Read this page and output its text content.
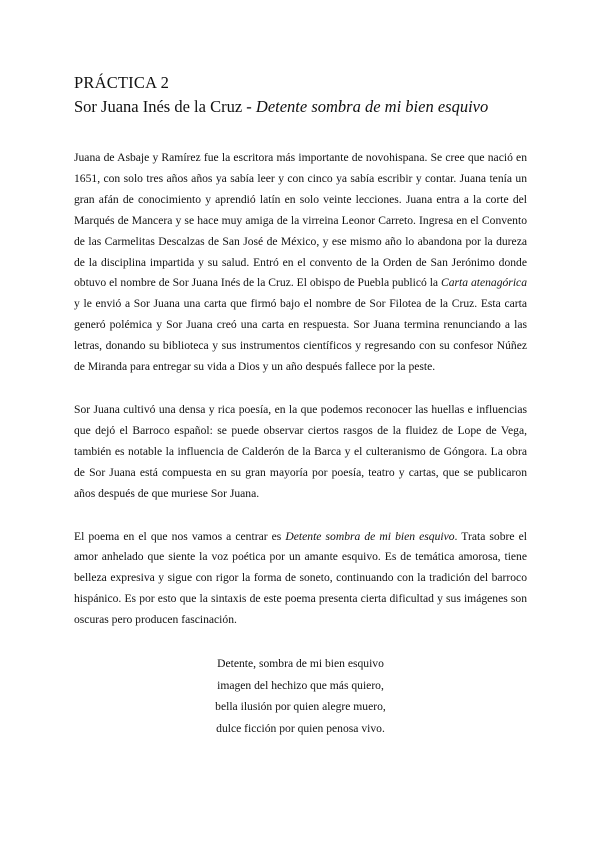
PRÁCTICA 2
Sor Juana Inés de la Cruz - Detente sombra de mi bien esquivo

Juana de Asbaje y Ramírez fue la escritora más importante de novohispana. Se cree que nació en 1651, con solo tres años años ya sabía leer y con cinco ya sabía escribir y contar. Juana tenía un gran afán de conocimiento y aprendió latín en solo veinte lecciones. Juana entra a la corte del Marqués de Mancera y se hace muy amiga de la virreina Leonor Carreto. Ingresa en el Convento de las Carmelitas Descalzas de San José de México, y ese mismo año lo abandona por la dureza de la disciplina impartida y su salud. Entró en el convento de la Orden de San Jerónimo donde obtuvo el nombre de Sor Juana Inés de la Cruz. El obispo de Puebla publicó la Carta atenagórica y le envió a Sor Juana una carta que firmó bajo el nombre de Sor Filotea de la Cruz. Esta carta generó polémica y Sor Juana creó una carta en respuesta. Sor Juana termina renunciando a las letras, donando su biblioteca y sus instrumentos científicos y regresando con su confesor Núñez de Miranda para entregar su vida a Dios y un año después fallece por la peste.

Sor Juana cultivó una densa y rica poesía, en la que podemos reconocer las huellas e influencias que dejó el Barroco español: se puede observar ciertos rasgos de la fluidez de Lope de Vega, también es notable la influencia de Calderón de la Barca y el culteranismo de Góngora. La obra de Sor Juana está compuesta en su gran mayoría por poesía, teatro y cartas, que se publicaron años después de que muriese Sor Juana.

El poema en el que nos vamos a centrar es Detente sombra de mi bien esquivo. Trata sobre el amor anhelado que siente la voz poética por un amante esquivo. Es de temática amorosa, tiene belleza expresiva y sigue con rigor la forma de soneto, continuando con la tradición del barroco hispánico. Es por esto que la sintaxis de este poema presenta cierta dificultad y sus imágenes son oscuras pero producen fascinación.

Detente, sombra de mi bien esquivo
imagen del hechizo que más quiero,
bella ilusión por quien alegre muero,
dulce ficción por quien penosa vivo.
